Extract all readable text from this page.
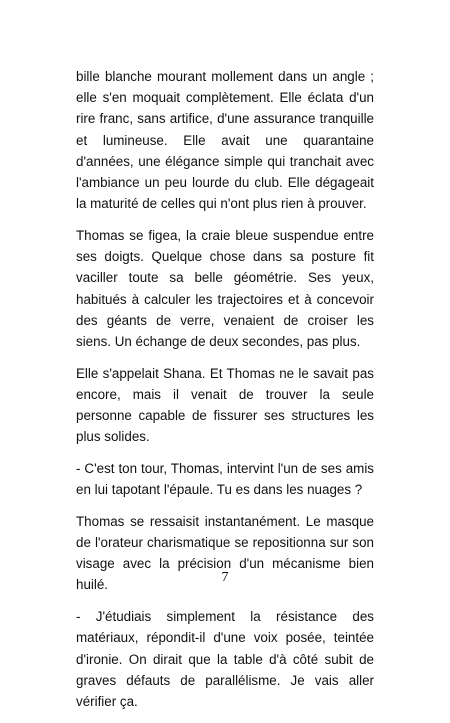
bille blanche mourant mollement dans un angle ; elle s'en moquait complètement. Elle éclata d'un rire franc, sans artifice, d'une assurance tranquille et lumineuse. Elle avait une quarantaine d'années, une élégance simple qui tranchait avec l'ambiance un peu lourde du club. Elle dégageait la maturité de celles qui n'ont plus rien à prouver.

Thomas se figea, la craie bleue suspendue entre ses doigts. Quelque chose dans sa posture fit vaciller toute sa belle géométrie. Ses yeux, habitués à calculer les trajectoires et à concevoir des géants de verre, venaient de croiser les siens. Un échange de deux secondes, pas plus.

Elle s'appelait Shana. Et Thomas ne le savait pas encore, mais il venait de trouver la seule personne capable de fissurer ses structures les plus solides.

- C'est ton tour, Thomas, intervint l'un de ses amis en lui tapotant l'épaule. Tu es dans les nuages ?

Thomas se ressaisit instantanément. Le masque de l'orateur charismatique se repositionna sur son visage avec la précision d'un mécanisme bien huilé.

- J'étudiais simplement la résistance des matériaux, répondit-il d'une voix posée, teintée d'ironie. On dirait que la table d'à côté subit de graves défauts de parallélisme. Je vais aller vérifier ça.

7
